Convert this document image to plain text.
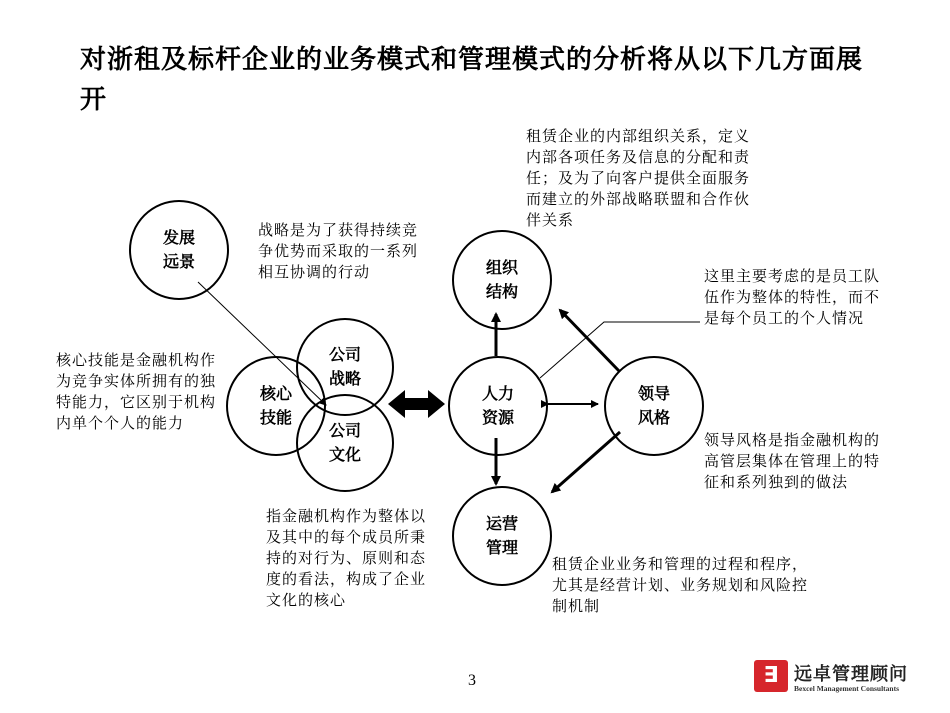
对浙租及标杆企业的业务模式和管理模式的分析将从以下几方面展开
发展远景
核心技能
公司战略
公司文化
组织结构
人力资源
领导风格
运营管理
租赁企业的内部组织关系，定义内部各项任务及信息的分配和责任；及为了向客户提供全面服务而建立的外部战略联盟和合作伙伴关系
战略是为了获得持续竞争优势而采取的一系列相互协调的行动	这里主要考虑的是员工队伍作为整体的特性，而不是每个员工的个人情况
核心技能是金融机构作为竞争实体所拥有的独特能力，它区别于机构内单个个人的能力
领导风格是指金融机构的高管层集体在管理上的特征和系列独到的做法
指金融机构作为整体以及其中的每个成员所秉持的对行为、原则和态度的看法，构成了企业文化的核心
租赁企业业务和管理的过程和程序，尤其是经营计划、业务规划和风险控制机制
3	∃ 远卓管理顾问
Bexcel Management Consultants
